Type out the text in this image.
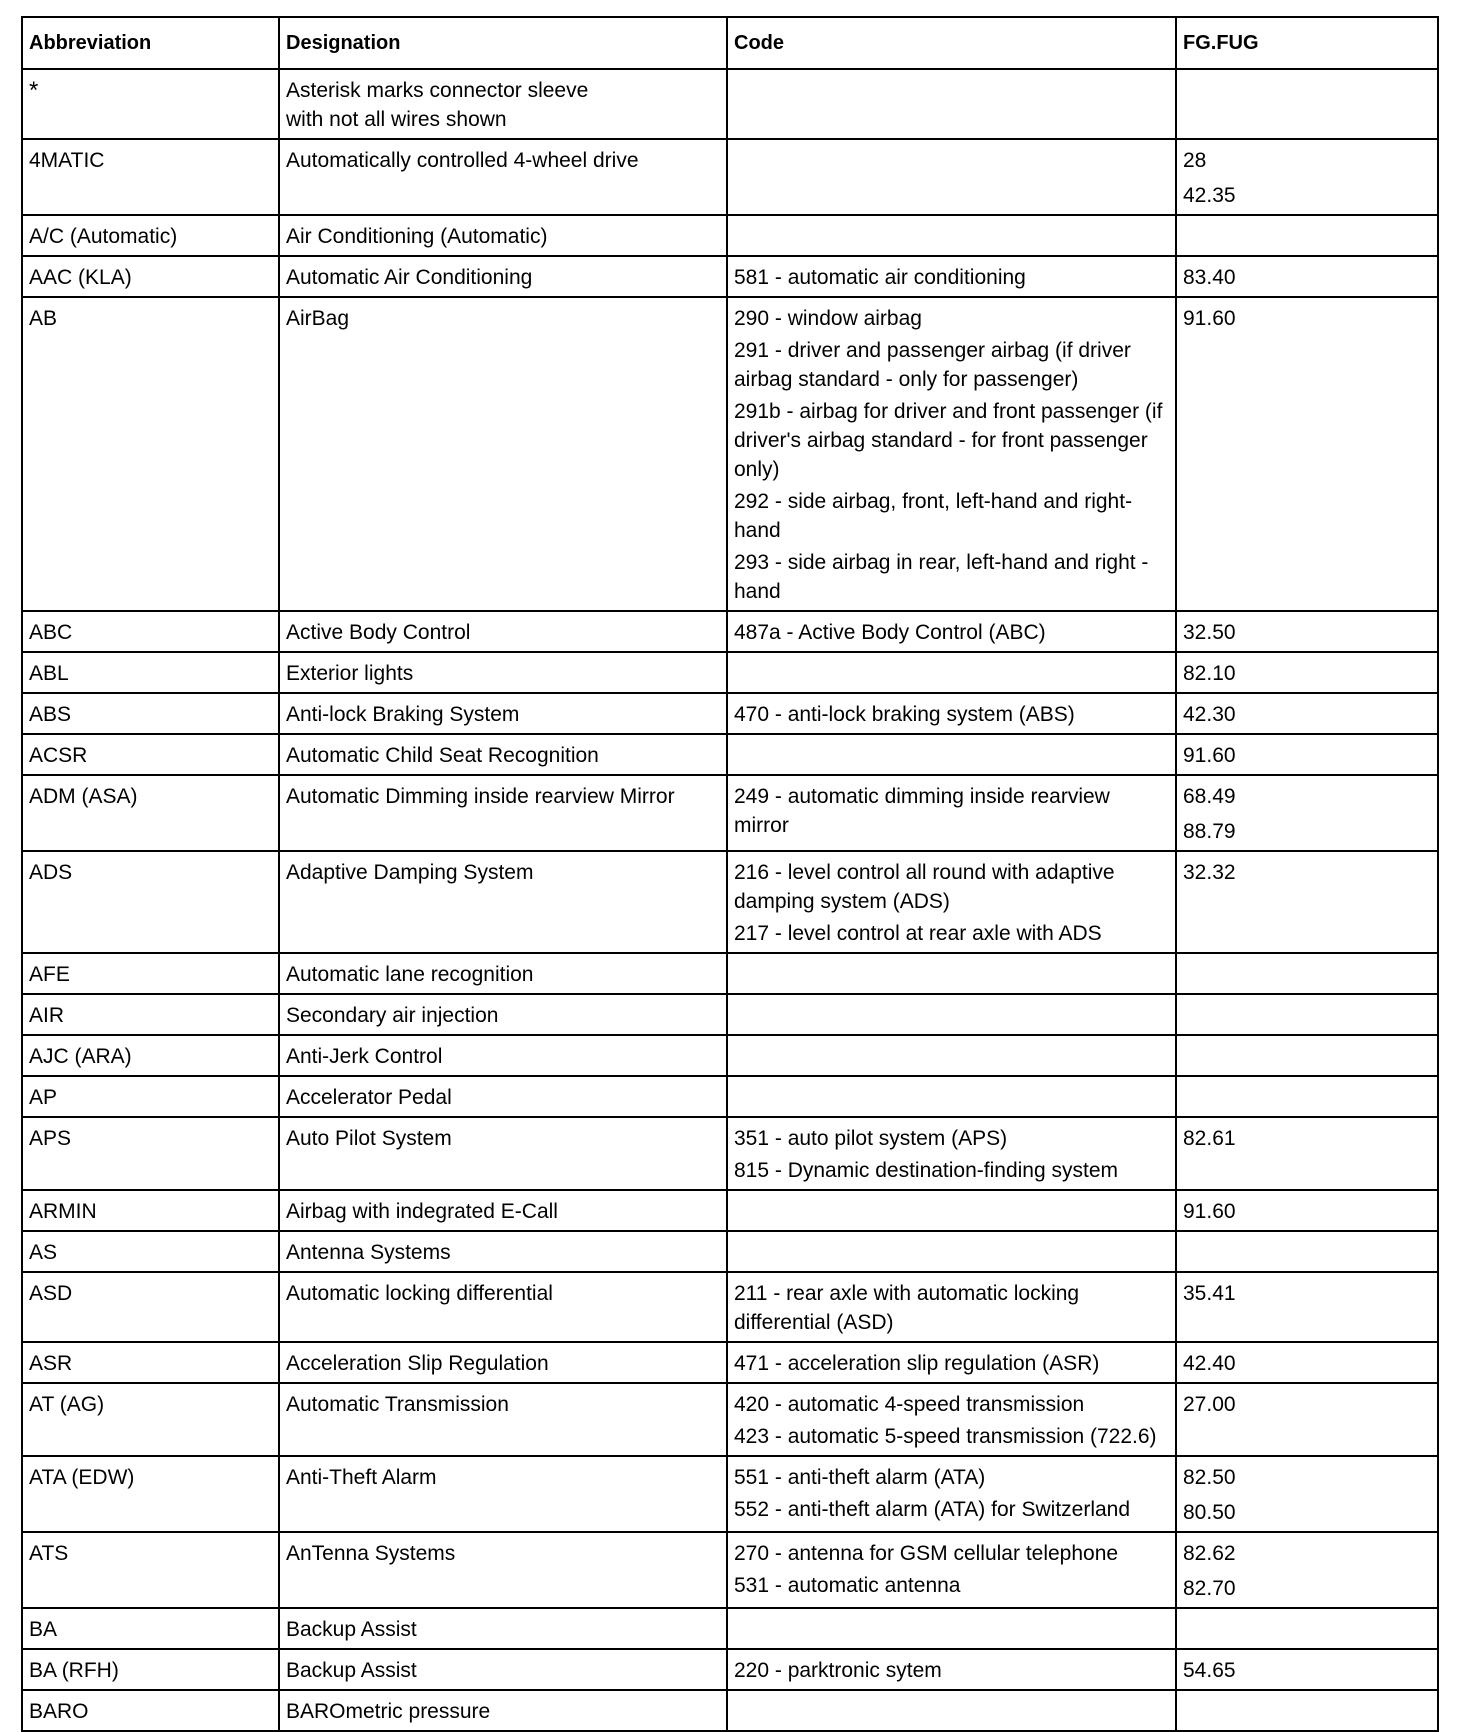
Abbreviation	Designation	Code	FG.FUG
*	Asterisk marks connector sleeve
with not all wires shown		

4MATIC	Automatically controlled 4-wheel drive		28
42.35

A/C (Automatic)	Air Conditioning (Automatic)		

AAC (KLA)	Automatic Air Conditioning	581 - automatic air conditioning	83.40

AB	AirBag	290 - window airbag
291 - driver and passenger airbag (if driver airbag standard - only for passenger)
291b - airbag for driver and front passenger (if driver's airbag standard - for front passenger only)
292 - side airbag, front, left-hand and right-hand
293 - side airbag in rear, left-hand and right -hand	91.60

ABC	Active Body Control	487a - Active Body Control (ABC)	32.50

ABL	Exterior lights		82.10

ABS	Anti-lock Braking System	470 - anti-lock braking system (ABS)	42.30

ACSR	Automatic Child Seat Recognition		91.60

ADM (ASA)	Automatic Dimming inside rearview Mirror	249 - automatic dimming inside rearview mirror	68.49
88.79

ADS	Adaptive Damping System	216 - level control all round with adaptive damping system (ADS)
217 - level control at rear axle with ADS	32.32

AFE	Automatic lane recognition		

AIR	Secondary air injection		

AJC (ARA)	Anti-Jerk Control		

AP	Accelerator Pedal		

APS	Auto Pilot System	351 - auto pilot system (APS)
815 - Dynamic destination-finding system	82.61

ARMIN	Airbag with indegrated E-Call		91.60

AS	Antenna Systems		

ASD	Automatic locking differential	211 - rear axle with automatic locking differential (ASD)	35.41

ASR	Acceleration Slip Regulation	471 - acceleration slip regulation (ASR)	42.40

AT (AG)	Automatic Transmission	420 - automatic 4-speed transmission
423 - automatic 5-speed transmission (722.6)	27.00

ATA (EDW)	Anti-Theft Alarm	551 - anti-theft alarm (ATA)
552 - anti-theft alarm (ATA) for Switzerland	82.50
80.50

ATS	AnTenna Systems	270 - antenna for GSM cellular telephone
531 - automatic antenna	82.62
82.70

BA	Backup Assist		

BA (RFH)	Backup Assist	220 - parktronic sytem	54.65

BARO	BAROmetric pressure		
